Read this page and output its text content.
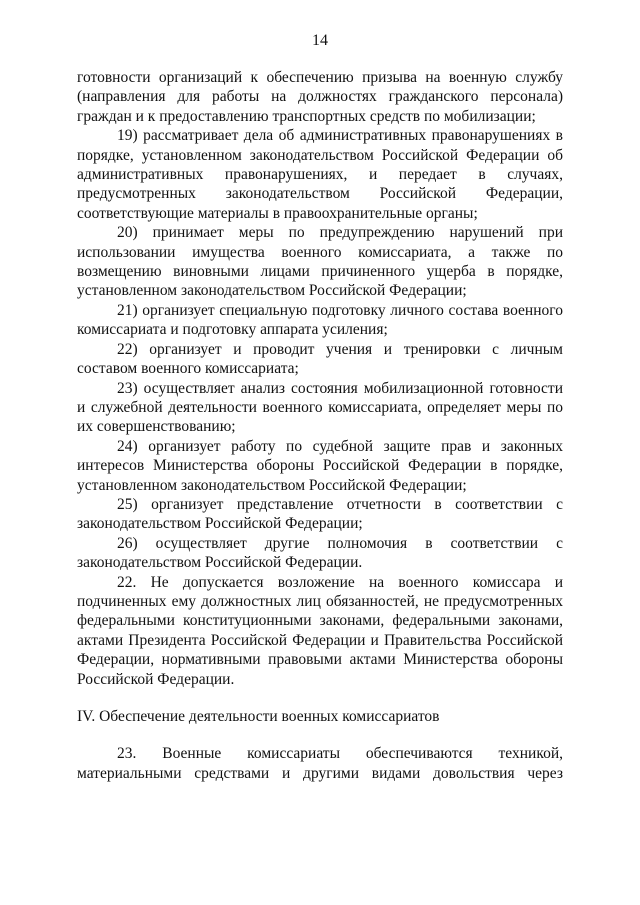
14

готовности организаций к обеспечению призыва на военную службу (направления для работы на должностях гражданского персонала) граждан и к предоставлению транспортных средств по мобилизации;

19) рассматривает дела об административных правонарушениях в порядке, установленном законодательством Российской Федерации об административных правонарушениях, и передает в случаях, предусмотренных законодательством Российской Федерации, соответствующие материалы в правоохранительные органы;

20) принимает меры по предупреждению нарушений при использовании имущества военного комиссариата, а также по возмещению виновными лицами причиненного ущерба в порядке, установленном законодательством Российской Федерации;

21) организует специальную подготовку личного состава военного комиссариата и подготовку аппарата усиления;

22) организует и проводит учения и тренировки с личным составом военного комиссариата;

23) осуществляет анализ состояния мобилизационной готовности и служебной деятельности военного комиссариата, определяет меры по их совершенствованию;

24) организует работу по судебной защите прав и законных интересов Министерства обороны Российской Федерации в порядке, установленном законодательством Российской Федерации;

25) организует представление отчетности в соответствии с законодательством Российской Федерации;

26) осуществляет другие полномочия в соответствии с законодательством Российской Федерации.

22. Не допускается возложение на военного комиссара и подчиненных ему должностных лиц обязанностей, не предусмотренных федеральными конституционными законами, федеральными законами, актами Президента Российской Федерации и Правительства Российской Федерации, нормативными правовыми актами Министерства обороны Российской Федерации.

IV. Обеспечение деятельности военных комиссариатов

23. Военные комиссариаты обеспечиваются техникой, материальными средствами и другими видами довольствия через
